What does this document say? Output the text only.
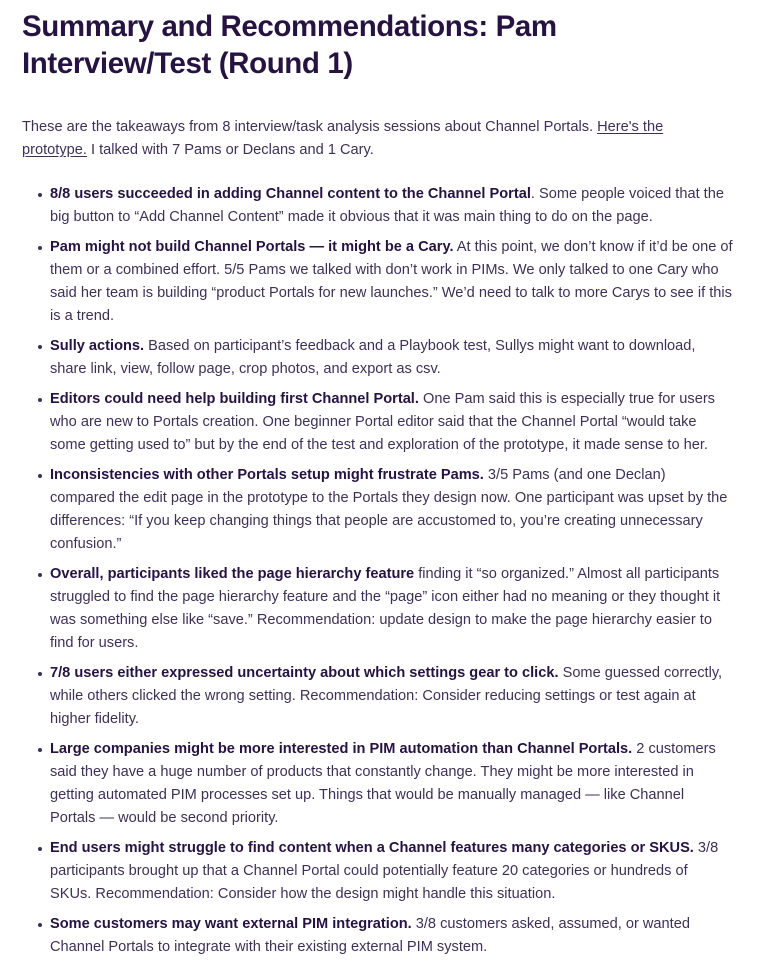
Summary and Recommendations: Pam Interview/Test (Round 1)

These are the takeaways from 8 interview/task analysis sessions about Channel Portals. Here's the prototype. I talked with 7 Pams or Declans and 1 Cary.

8/8 users succeeded in adding Channel content to the Channel Portal. Some people voiced that the big button to “Add Channel Content” made it obvious that it was main thing to do on the page.
Pam might not build Channel Portals — it might be a Cary. At this point, we don’t know if it’d be one of them or a combined effort. 5/5 Pams we talked with don’t work in PIMs. We only talked to one Cary who said her team is building “product Portals for new launches.” We’d need to talk to more Carys to see if this is a trend.
Sully actions. Based on participant’s feedback and a Playbook test, Sullys might want to download, share link, view, follow page, crop photos, and export as csv.
Editors could need help building first Channel Portal. One Pam said this is especially true for users who are new to Portals creation. One beginner Portal editor said that the Channel Portal “would take some getting used to” but by the end of the test and exploration of the prototype, it made sense to her.
Inconsistencies with other Portals setup might frustrate Pams. 3/5 Pams (and one Declan) compared the edit page in the prototype to the Portals they design now. One participant was upset by the differences: “If you keep changing things that people are accustomed to, you’re creating unnecessary confusion.”
Overall, participants liked the page hierarchy feature finding it “so organized.” Almost all participants struggled to find the page hierarchy feature and the “page” icon either had no meaning or they thought it was something else like “save.” Recommendation: update design to make the page hierarchy easier to find for users.
7/8 users either expressed uncertainty about which settings gear to click. Some guessed correctly, while others clicked the wrong setting. Recommendation: Consider reducing settings or test again at higher fidelity.
Large companies might be more interested in PIM automation than Channel Portals. 2 customers said they have a huge number of products that constantly change. They might be more interested in getting automated PIM processes set up. Things that would be manually managed — like Channel Portals — would be second priority.
End users might struggle to find content when a Channel features many categories or SKUS. 3/8 participants brought up that a Channel Portal could potentially feature 20 categories or hundreds of SKUs. Recommendation: Consider how the design might handle this situation.
Some customers may want external PIM integration. 3/8 customers asked, assumed, or wanted Channel Portals to integrate with their existing external PIM system.
